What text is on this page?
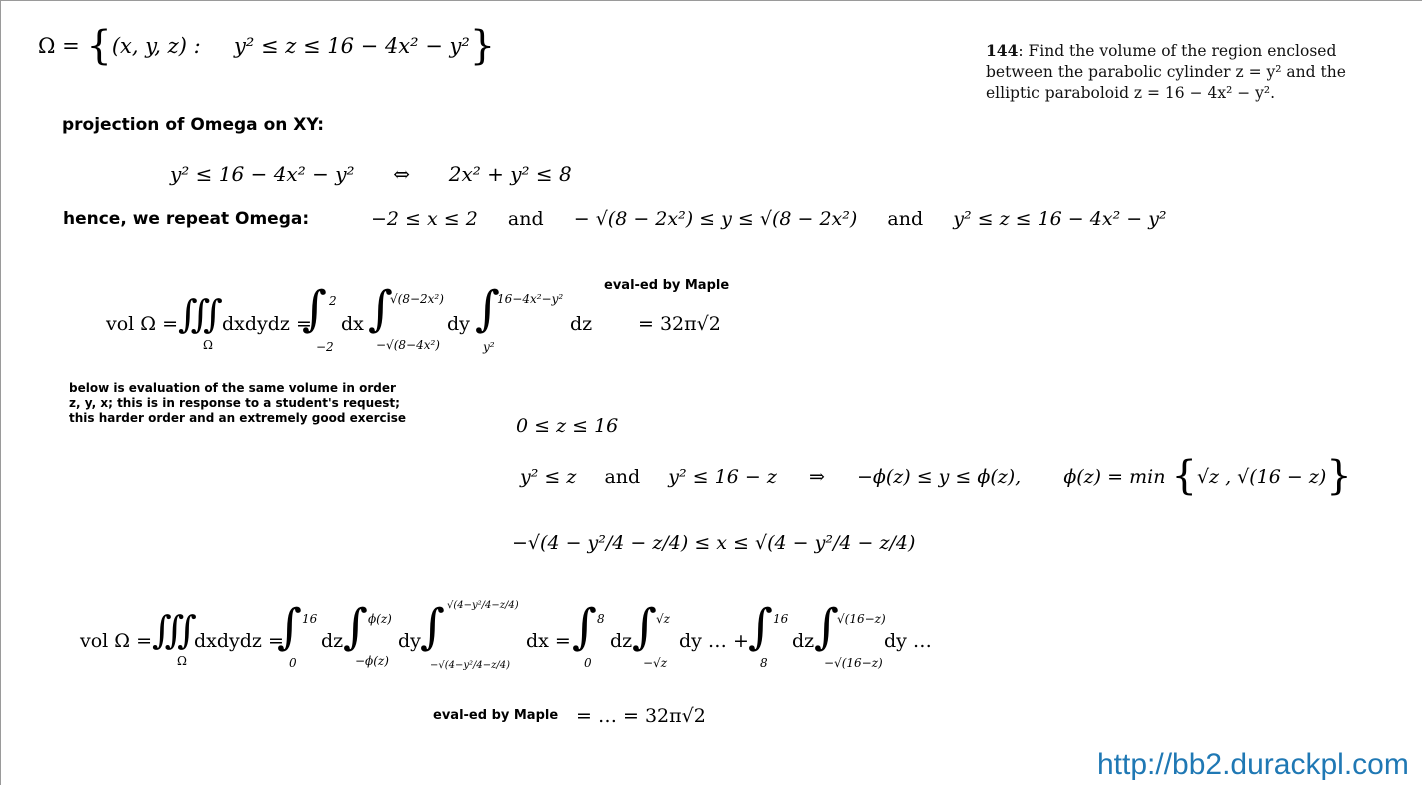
Ω = {(x, y, z) : y² ≤ z ≤ 16 − 4x² − y²}	144: Find the volume of the region enclosed between the parabolic cylinder z = y² and the elliptic paraboloid z = 16 − 4x² − y².
projection of Omega on XY:
y² ≤ 16 − 4x² − y² ⇔ 2x² + y² ≤ 8
hence, we repeat Omega:	−2 ≤ x ≤ 2 and − √(8 − 2x²) ≤ y ≤ √(8 − 2x²) and y² ≤ z ≤ 16 − 4x² − y²
eval-ed by Maple
vol Ω = ∭
Ω
dxdydz =
∫ 2
−2
dx ∫
√(8−2x²)
−√(8−4x²)
dy ∫
16−4x²−y²
y²
dz = 32π√2
below is evaluation of the same volume in order z, y, x; this is in response to a student's request; this harder order and an extremely good exercise	0 ≤ z ≤ 16
y² ≤ z and y² ≤ 16 − z ⇒ −ϕ(z) ≤ y ≤ ϕ(z), ϕ(z) = min {√z , √(16 − z)}
−√(4 − y²/4 − z/4) ≤ x ≤ √(4 − y²/4 − z/4)
vol Ω = ∭
Ω
dxdydz =
∫ 16
0
dz ∫ ϕ(z)
−ϕ(z)
dy ∫ √(4−y²/4−z/4)
−√(4−y²/4−z/4)
dx = ∫ 8
0
dz ∫
√z
−√z
dy … + ∫ 16
8
dz ∫
√(16−z)
−√(16−z)
dy …
eval-ed by Maple = … = 32π√2
http://bb2.durackpl.com
